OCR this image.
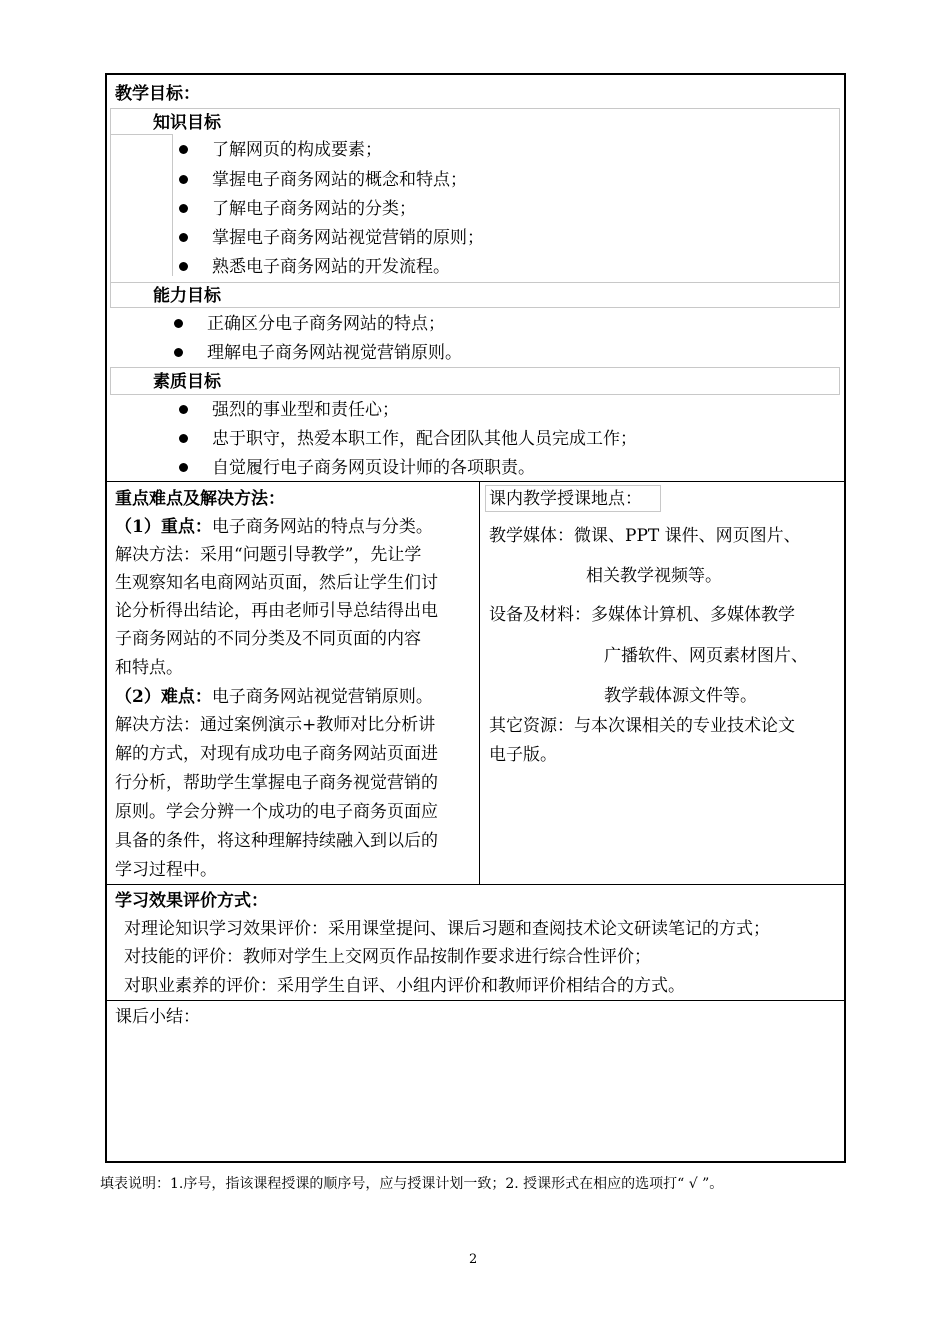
教学目标：
知识目标
了解网页的构成要素；
掌握电子商务网站的概念和特点；
了解电子商务网站的分类；
掌握电子商务网站视觉营销的原则；
熟悉电子商务网站的开发流程。
能力目标
正确区分电子商务网站的特点；
理解电子商务网站视觉营销原则。
素质目标
强烈的事业型和责任心；
忠于职守，热爱本职工作，配合团队其他人员完成工作；
自觉履行电子商务网页设计师的各项职责。
重点难点及解决方法：
（1）重点：电子商务网站的特点与分类。
解决方法：采用“问题引导教学”，先让学
生观察知名电商网站页面，然后让学生们讨
论分析得出结论，再由老师引导总结得出电
子商务网站的不同分类及不同页面的内容
和特点。
（2）难点：电子商务网站视觉营销原则。
解决方法：通过案例演示+教师对比分析讲
解的方式，对现有成功电子商务网站页面进
行分析，帮助学生掌握电子商务视觉营销的
原则。学会分辨一个成功的电子商务页面应
具备的条件，将这种理解持续融入到以后的
学习过程中。
课内教学授课地点：
教学媒体：微课、PPT 课件、网页图片、
相关教学视频等。
设备及材料：多媒体计算机、多媒体教学
广播软件、网页素材图片、
教学载体源文件等。
其它资源：与本次课相关的专业技术论文
电子版。
学习效果评价方式：
对理论知识学习效果评价：采用课堂提问、课后习题和查阅技术论文研读笔记的方式；
对技能的评价：教师对学生上交网页作品按制作要求进行综合性评价；
对职业素养的评价：采用学生自评、小组内评价和教师评价相结合的方式。
课后小结：
填表说明：1.序号，指该课程授课的顺序号，应与授课计划一致；2. 授课形式在相应的选项打“ √ ”。
2
